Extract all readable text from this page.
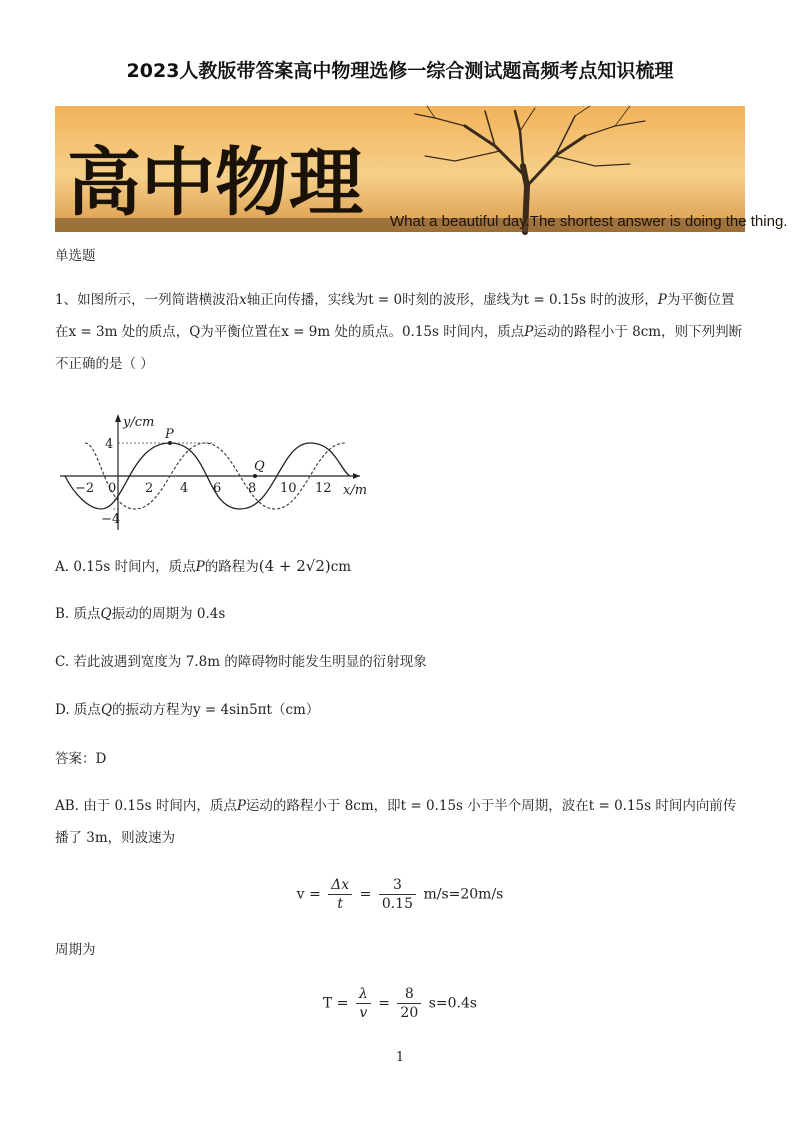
2023人教版带答案高中物理选修一综合测试题高频考点知识梳理
高中物理 What a beautiful day.The shortest answer is doing the thing.
单选题
1、如图所示，一列简谐横波沿x轴正向传播，实线为t = 0时刻的波形，虚线为t = 0.15s 时的波形，P为平衡位置在x = 3m 处的质点，Q为平衡位置在x = 9m 处的质点。0.15s 时间内，质点P运动的路程小于 8cm，则下列判断不正确的是（ ）
y/cm
x/m
4
−4
P
Q
−2 0 2 4 6 8 10 12
A. 0.15s 时间内，质点P的路程为(4 + 2√2)cm
B. 质点Q振动的周期为 0.4s
C. 若此波遇到宽度为 7.8m 的障碍物时能发生明显的衍射现象
D. 质点Q的振动方程为y = 4sin5πt（cm）
答案：D
AB. 由于 0.15s 时间内，质点P运动的路程小于 8cm，即t = 0.15s 小于半个周期，波在t = 0.15s 时间内向前传播了 3m，则波速为
$v = \frac{\Delta x}{t} = \frac{3}{0.15} m/s=20m/s$
周期为
$T = \frac{\lambda}{v} = \frac{8}{20} s=0.4s$
1
